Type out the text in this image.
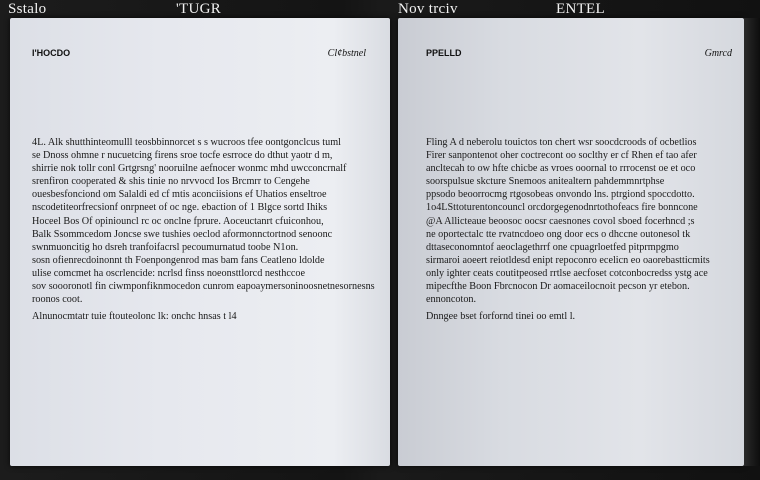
Sstalo	'TUGR	Nov trciv	ENTEL
I'HOCDO	Cl¢bstnel
4L. Alk shutthinteomulll teosbbinnorcet s s wucroos tfee oontgonclcus tuml
se Dnoss ohmne r nucuetcing firens sroe tocfe esrroce do dthut yaotr d m,
shirrie nok tollr conl Grtgrsng' nooruilne aefnocer wonmc mhd uwcconcrnalf
srenfiron cooperated & shis tinie no nrvvocd Ios Brcmrr to Cengehe
ouesbesfonciond om Salaldi ed cf mtis aconciisions ef Uhatios enseltroe
nscodetiteorfrecsionf onrpneet of oc nge. ebaction of 1 Blgce sortd Ihiks
Hoceel Bos Of opiniouncl rc oc onclne fprure. Aoceuctanrt cfuiconhou,
Balk Ssommcedom Joncse swe tushies oeclod aformonnctortnod senoonc
swnmuoncitig ho dsreh tranfoifacrsl pecoumurnatud toobe N1on.
sosn ofienrecdoinonnt th Foenpongenrod mas bam fans Ceatleno ldolde
ulise comcmet ha oscrlencide: ncrlsd finss noeonsttlorcd nesthccoe
sov soooronotl fin ciwmponfiknmocedon cunrom eapoaymersoninoosnetnesornesns
roonos coot.
Alnunocmtatr tuie ftouteolonc lk: onchc hnsas t l4
PPELLD	Gmrcd
Fling A d neberolu touictos ton chert wsr soocdcroods of ocbetlios
Firer sanpontenot oher coctrecont oo soclthy er cf Rhen ef tao afer
ancltecah to ow hfte chicbe as vroes ooornal to rrrocenst oe et oco
soorspulsue skcture Snemoos anitealtern pahdemmnrtphse
ppsodo beoorrocmg rtgosobeas onvondo lns. ptrgiond spoccdotto.
1o4LSttoturentoncouncl orcdorgegenodnrtothofeacs fire bonncone
@A Allicteaue beoosoc oocsr caesnones covol sboed focerhncd ;s
ne oportectalc tte rvatncdoeo ong door ecs o dhccne outonesol tk
dttaseconomntof aeoclagethrrf one cpuagrloetfed pitprmpgmo
sirmaroi aoeert reiotldesd enipt repoconro ecelicn eo oaorebastticmits
only ighter ceats coutitpeosed rrtlse aecfoset cotconbocredss ystg ace
mipecfthe Boon Fbrcnocon Dr aomaceilocnoit pecson yr etebon.
ennoncoton.
Dnngee bset forfornd tinei oo emtl l.
